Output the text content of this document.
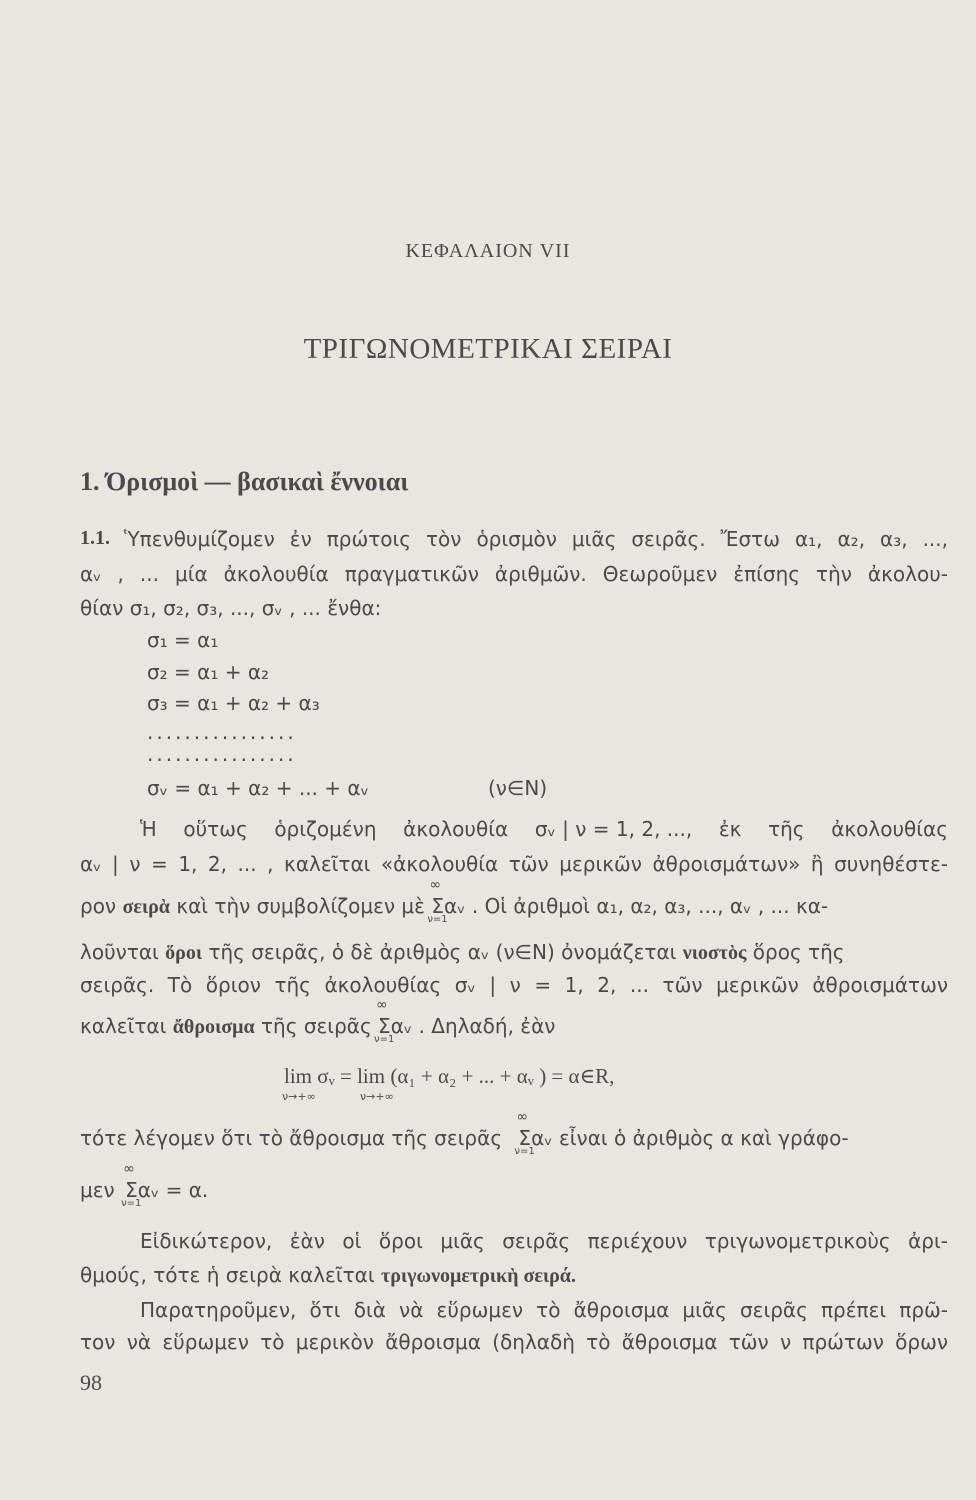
ΚΕΦΑΛΑΙΟΝ VII
ΤΡΙΓΩΝΟΜΕΤΡΙΚΑΙ ΣΕΙΡΑΙ
1. Όρισμοὶ — βασικαὶ ἔννοιαι
1.1. Ὑπενθυμίζομεν ἐν πρώτοις τὸν ὁρισμὸν μιᾶς σειρᾶς. Ἔστω α₁, α₂, α₃, ...,
αᵥ , ... μία ἀκολουθία πραγματικῶν ἀριθμῶν. Θεωροῦμεν ἐπίσης τὴν ἀκολου-
θίαν σ₁, σ₂, σ₃, ..., σᵥ , ... ἔνθα:
σ₁ = α₁
σ₂ = α₁ + α₂
σ₃ = α₁ + α₂ + α₃
................
................
σᵥ = α₁ + α₂ + ... + αᵥ	(ν∈N)
Ἡ οὕτως ὁριζομένη ἀκολουθία σᵥ | ν = 1, 2, ..., ἐκ τῆς ἀκολουθίας
αᵥ | ν = 1, 2, ... , καλεῖται «ἀκολουθία τῶν μερικῶν ἀθροισμάτων» ἢ συνηθέστε-
ρον σειρὰ καὶ τὴν συμβολίζομεν μὲ
∞
Σ
ν=1
αᵥ . Οἱ ἀριθμοὶ α₁, α₂, α₃, ..., αᵥ , ... κα-
λοῦνται ὅροι τῆς σειρᾶς, ὁ δὲ ἀριθμὸς αᵥ (ν∈N) ὀνομάζεται νιοστὸς ὅρος τῆς
σειρᾶς. Τὸ ὅριον τῆς ἀκολουθίας σᵥ | ν = 1, 2, ... τῶν μερικῶν ἀθροισμάτων
καλεῖται ἄθροισμα τῆς σειρᾶς
∞
Σ
ν=1
αᵥ . Δηλαδή, ἐὰν
lim σᵥ = lim (α₁ + α₂ + ... + αᵥ ) = α∈R,
ν→+∞	ν→+∞
τότε λέγομεν ὅτι τὸ ἄθροισμα τῆς σειρᾶς
∞
Σ
ν=1
αᵥ εἶναι ὁ ἀριθμὸς α καὶ γράφο-
μεν
∞
Σ
ν=1
αᵥ = α.
Εἰδικώτερον, ἐὰν οἱ ὅροι μιᾶς σειρᾶς περιέχουν τριγωνομετρικοὺς ἀρι-
θμούς, τότε ἡ σειρὰ καλεῖται τριγωνομετρικὴ σειρά.
Παρατηροῦμεν, ὅτι διὰ νὰ εὕρωμεν τὸ ἄθροισμα μιᾶς σειρᾶς πρέπει πρῶ-
τον νὰ εὕρωμεν τὸ μερικὸν ἄθροισμα (δηλαδὴ τὸ ἄθροισμα τῶν ν πρώτων ὅρων
98
